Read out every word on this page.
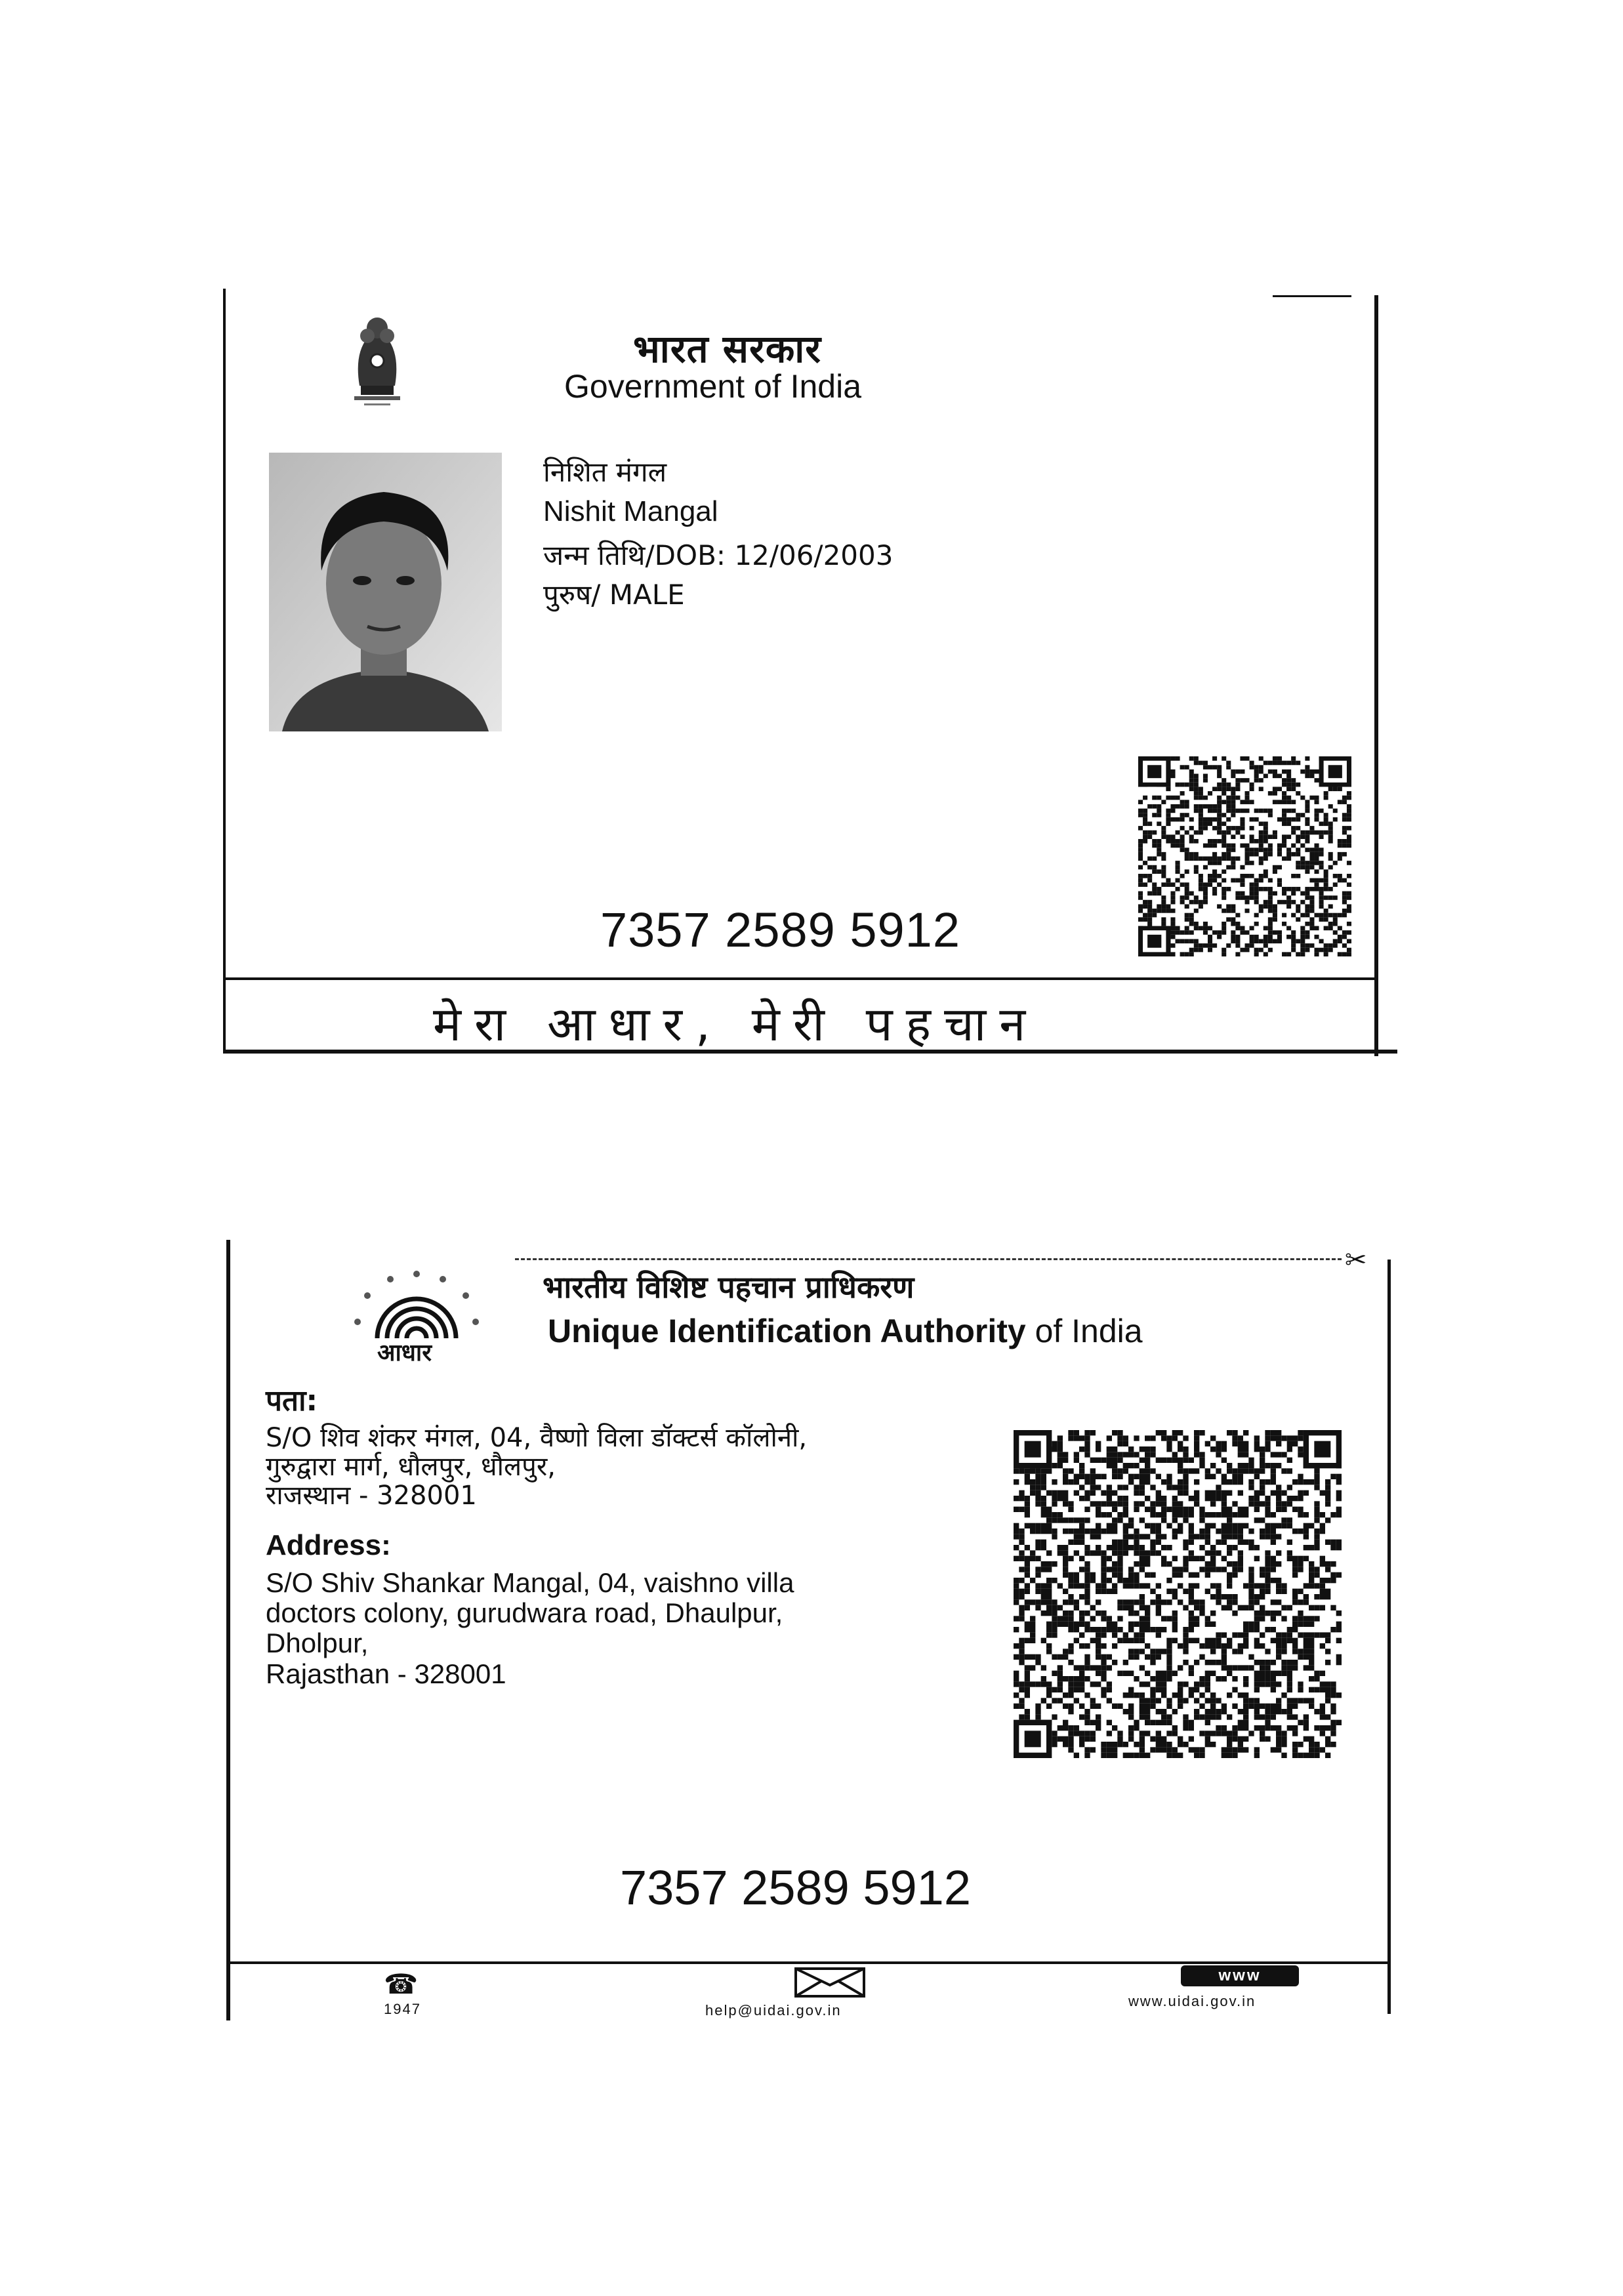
भारत सरकार
Government of India
निशित मंगल
Nishit Mangal
जन्म तिथि/DOB: 12/06/2003
पुरुष/ MALE
7357 2589 5912
मेरा आधार, मेरी पहचान
✂
आधार
भारतीय विशिष्ट पहचान प्राधिकरण
Unique Identification Authority of India
पता:
S/O शिव शंकर मंगल, 04, वैष्णो विला डॉक्टर्स कॉलोनी,
गुरुद्वारा मार्ग, धौलपुर, धौलपुर,
राजस्थान - 328001
Address:
S/O Shiv Shankar Mangal, 04, vaishno villa
doctors colony, gurudwara road, Dhaulpur,
Dholpur,
Rajasthan - 328001
7357 2589 5912
☎
1947	help@uidai.gov.in
www
www.uidai.gov.in
